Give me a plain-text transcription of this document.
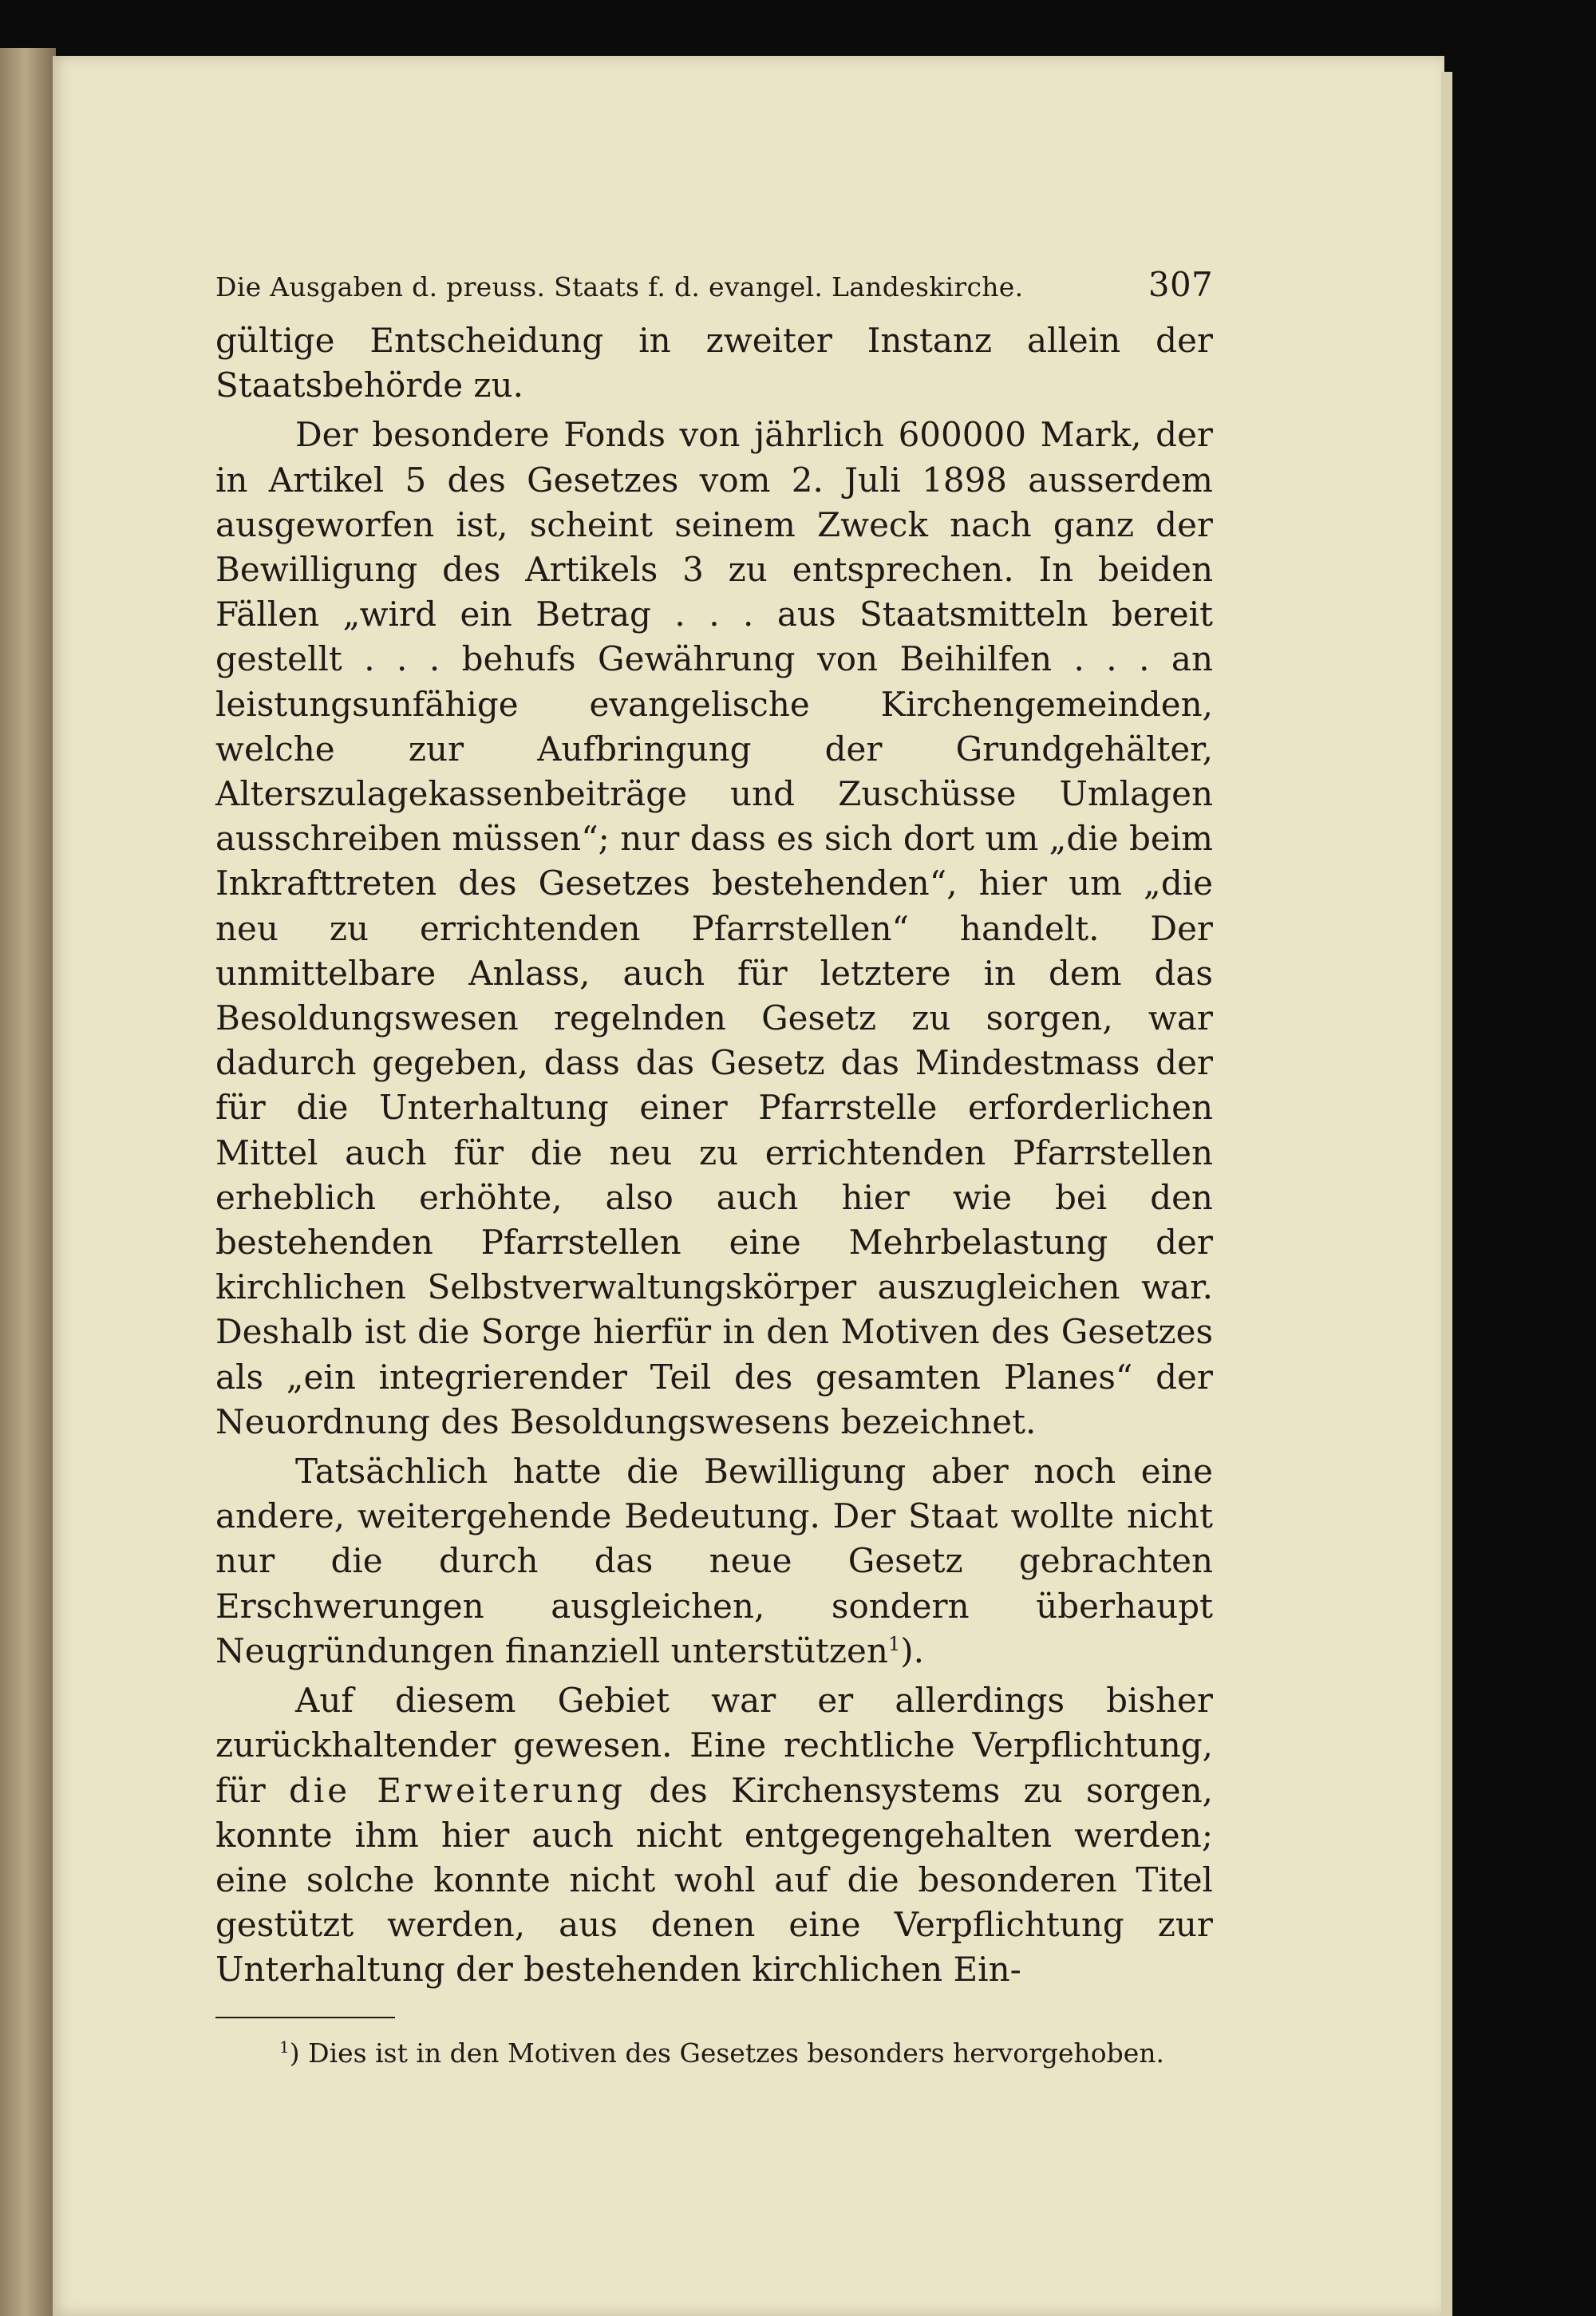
Die Ausgaben d. preuss. Staats f. d. evangel. Landeskirche.	307

gültige Entscheidung in zweiter Instanz allein der Staatsbehörde zu.

Der besondere Fonds von jährlich 600000 Mark, der in Artikel 5 des Gesetzes vom 2. Juli 1898 ausserdem ausgeworfen ist, scheint seinem Zweck nach ganz der Bewilligung des Artikels 3 zu entsprechen. In beiden Fällen „wird ein Betrag . . . aus Staatsmitteln bereit gestellt . . . behufs Gewährung von Beihilfen . . . an leistungsunfähige evangelische Kirchengemeinden, welche zur Aufbringung der Grundgehälter, Alterszulagekassenbeiträge und Zuschüsse Umlagen ausschreiben müssen“; nur dass es sich dort um „die beim Inkrafttreten des Gesetzes bestehenden“, hier um „die neu zu errichtenden Pfarrstellen“ handelt. Der unmittelbare Anlass, auch für letztere in dem das Besoldungswesen regelnden Gesetz zu sorgen, war dadurch gegeben, dass das Gesetz das Mindestmass der für die Unterhaltung einer Pfarrstelle erforderlichen Mittel auch für die neu zu errichtenden Pfarrstellen erheblich erhöhte, also auch hier wie bei den bestehenden Pfarrstellen eine Mehrbelastung der kirchlichen Selbstverwaltungskörper auszugleichen war. Deshalb ist die Sorge hierfür in den Motiven des Gesetzes als „ein integrierender Teil des gesamten Planes“ der Neuordnung des Besoldungswesens bezeichnet.

Tatsächlich hatte die Bewilligung aber noch eine andere, weitergehende Bedeutung. Der Staat wollte nicht nur die durch das neue Gesetz gebrachten Erschwerungen ausgleichen, sondern überhaupt Neugründungen finanziell unterstützen$^1$).

Auf diesem Gebiet war er allerdings bisher zurückhaltender gewesen. Eine rechtliche Verpflichtung, für die Erweiterung des Kirchensystems zu sorgen, konnte ihm hier auch nicht entgegengehalten werden; eine solche konnte nicht wohl auf die besonderen Titel gestützt werden, aus denen eine Verpflichtung zur Unterhaltung der bestehenden kirchlichen Ein-

$^1$) Dies ist in den Motiven des Gesetzes besonders hervorgehoben.
